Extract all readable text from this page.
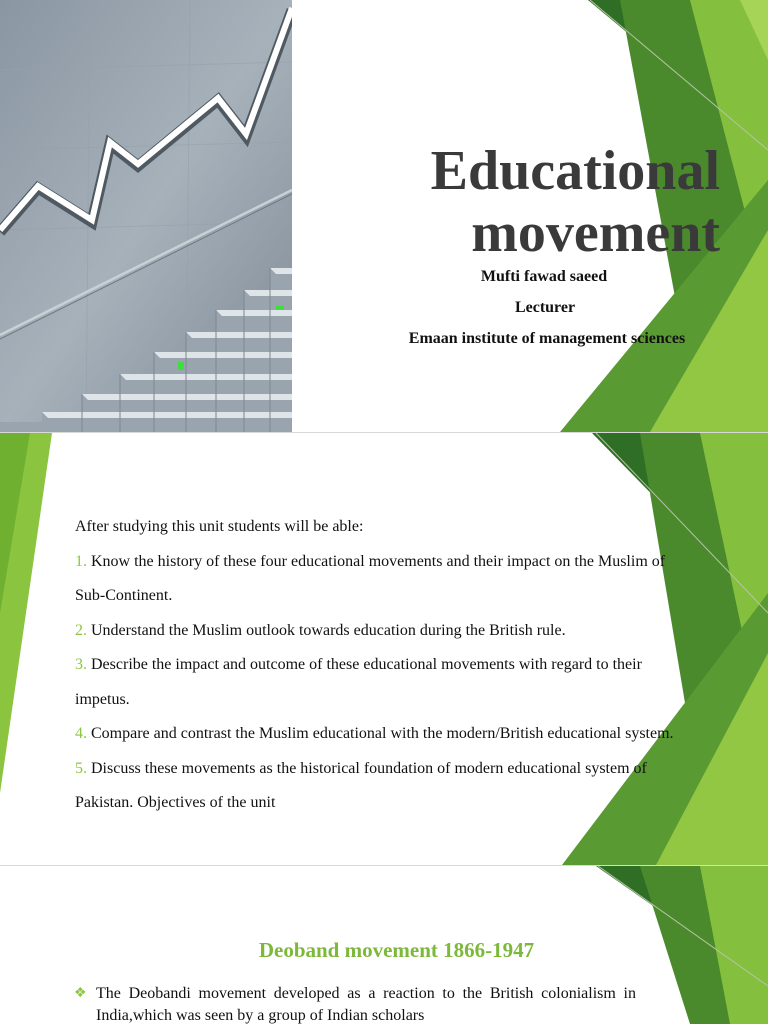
Educational
movement
Mufti fawad saeed
Lecturer
Emaan institute of management sciences

After studying this unit students will be able:

1. Know the history of these four educational movements and their impact on the Muslim of Sub-Continent.

2. Understand the Muslim outlook towards education during the British rule.

3. Describe the impact and outcome of these educational movements with regard to their impetus.

4. Compare and contrast the Muslim educational with the modern/British educational system.

5. Discuss these movements as the historical foundation of modern educational system of Pakistan. Objectives of the unit

Deoband movement 1866-1947
❖ The Deobandi movement developed as a reaction to the British colonialism in India,which was seen by a group of Indian scholars
